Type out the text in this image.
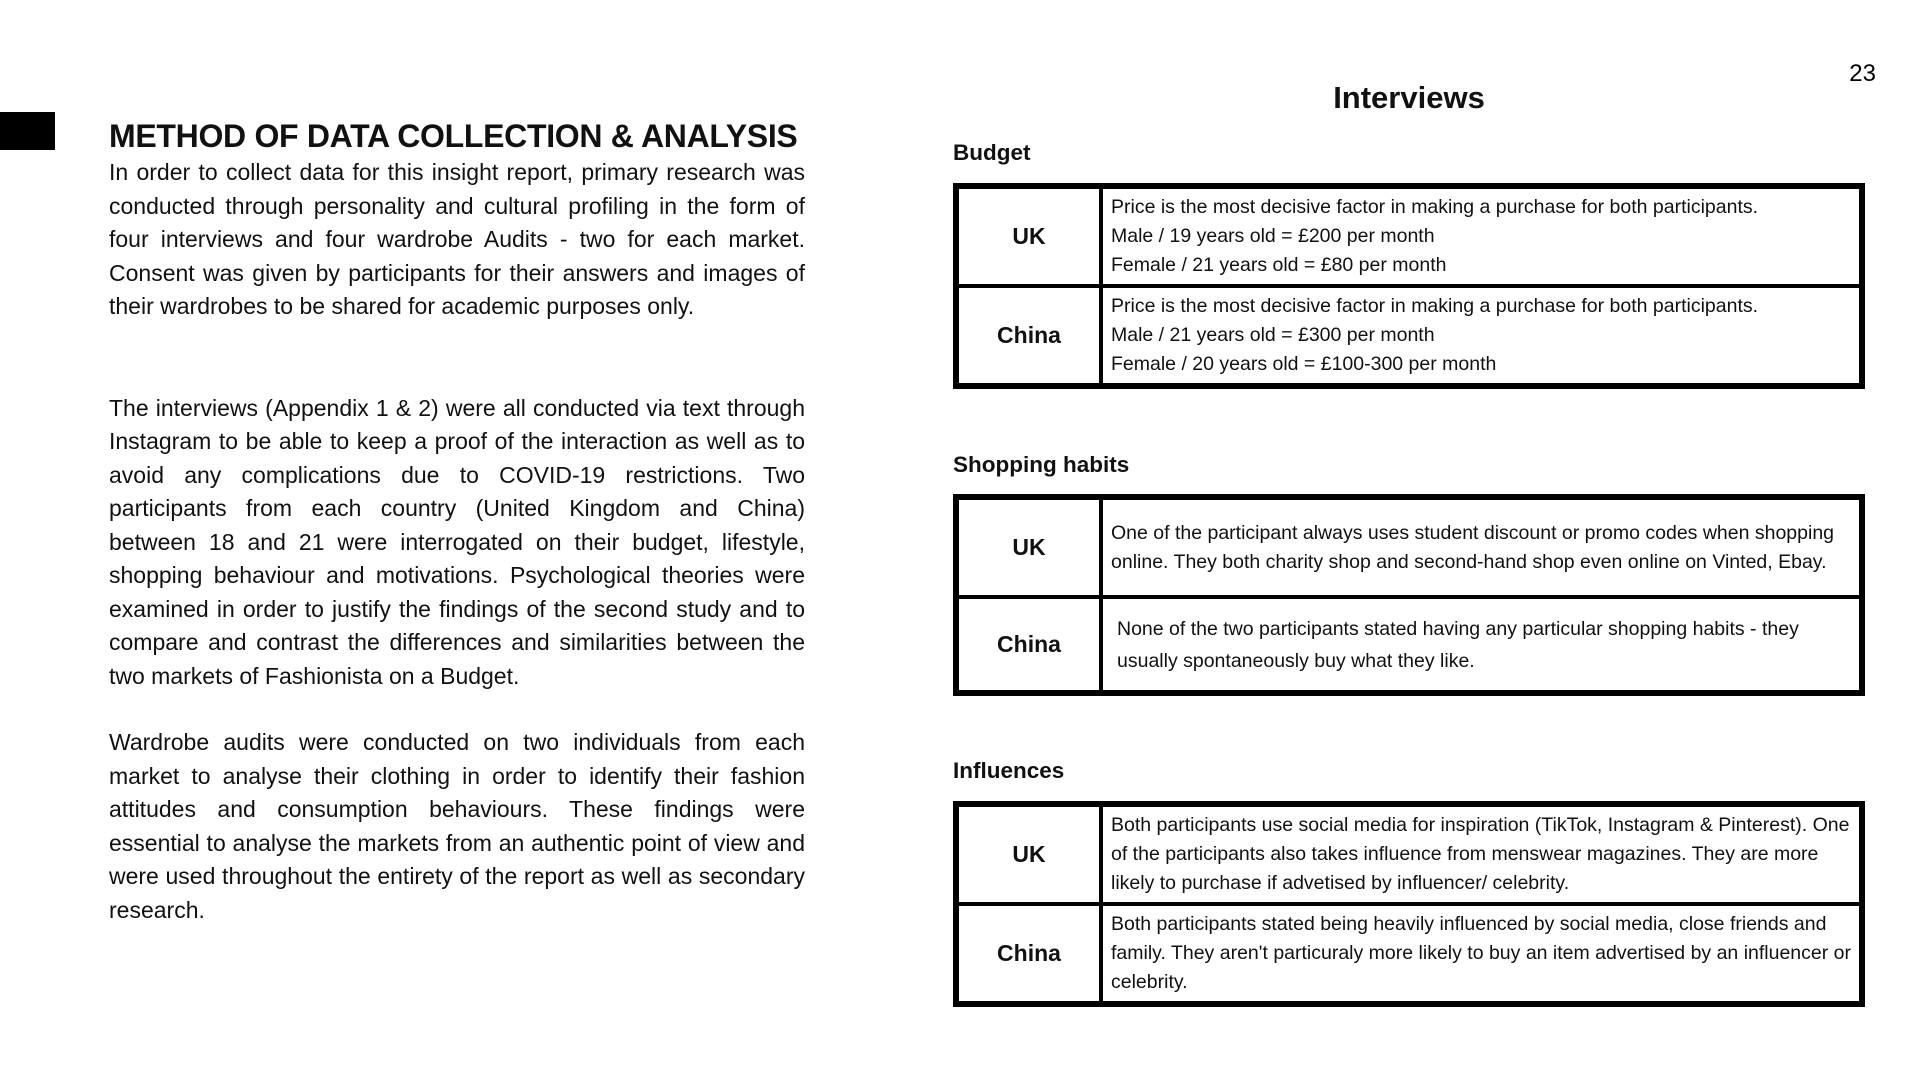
23
METHOD OF DATA COLLECTION & ANALYSIS

In order to collect data for this insight report, primary research was conducted through personality and cultural profiling in the form of four interviews and four wardrobe Audits - two for each market. Consent was given by participants for their answers and images of their wardrobes to be shared for academic purposes only.

The interviews (Appendix 1 & 2) were all conducted via text through Instagram to be able to keep a proof of the interaction as well as to avoid any complications due to COVID-19 restrictions. Two participants from each country (United Kingdom and China) between 18 and 21 were interrogated on their budget, lifestyle, shopping behaviour and motivations. Psychological theories were examined in order to justify the findings of the second study and to compare and contrast the differences and similarities between the two markets of Fashionista on a Budget.

Wardrobe audits were conducted on two individuals from each market to analyse their clothing in order to identify their fashion attitudes and consumption behaviours. These findings were essential to analyse the markets from an authentic point of view and were used throughout the entirety of the report as well as secondary research.

Interviews
Budget
UK	Price is the most decisive factor in making a purchase for both participants.
Male / 19 years old = £200 per month
Female / 21 years old = £80 per month

China	Price is the most decisive factor in making a purchase for both participants.
Male / 21 years old = £300 per month
Female / 20 years old = £100-300 per month
Shopping habits
UK	One of the participant always uses student discount or promo codes when shopping online. They both charity shop and second-hand shop even online on Vinted, Ebay.
China	None of the two participants stated having any particular shopping habits - they usually spontaneously buy what they like.
Influences
UK	Both participants use social media for inspiration (TikTok, Instagram & Pinterest). One of the participants also takes influence from menswear magazines. They are more likely to purchase if advetised by influencer/ celebrity.
China	Both participants stated being heavily influenced by social media, close friends and family. They aren't particuraly more likely to buy an item advertised by an influencer or celebrity.
